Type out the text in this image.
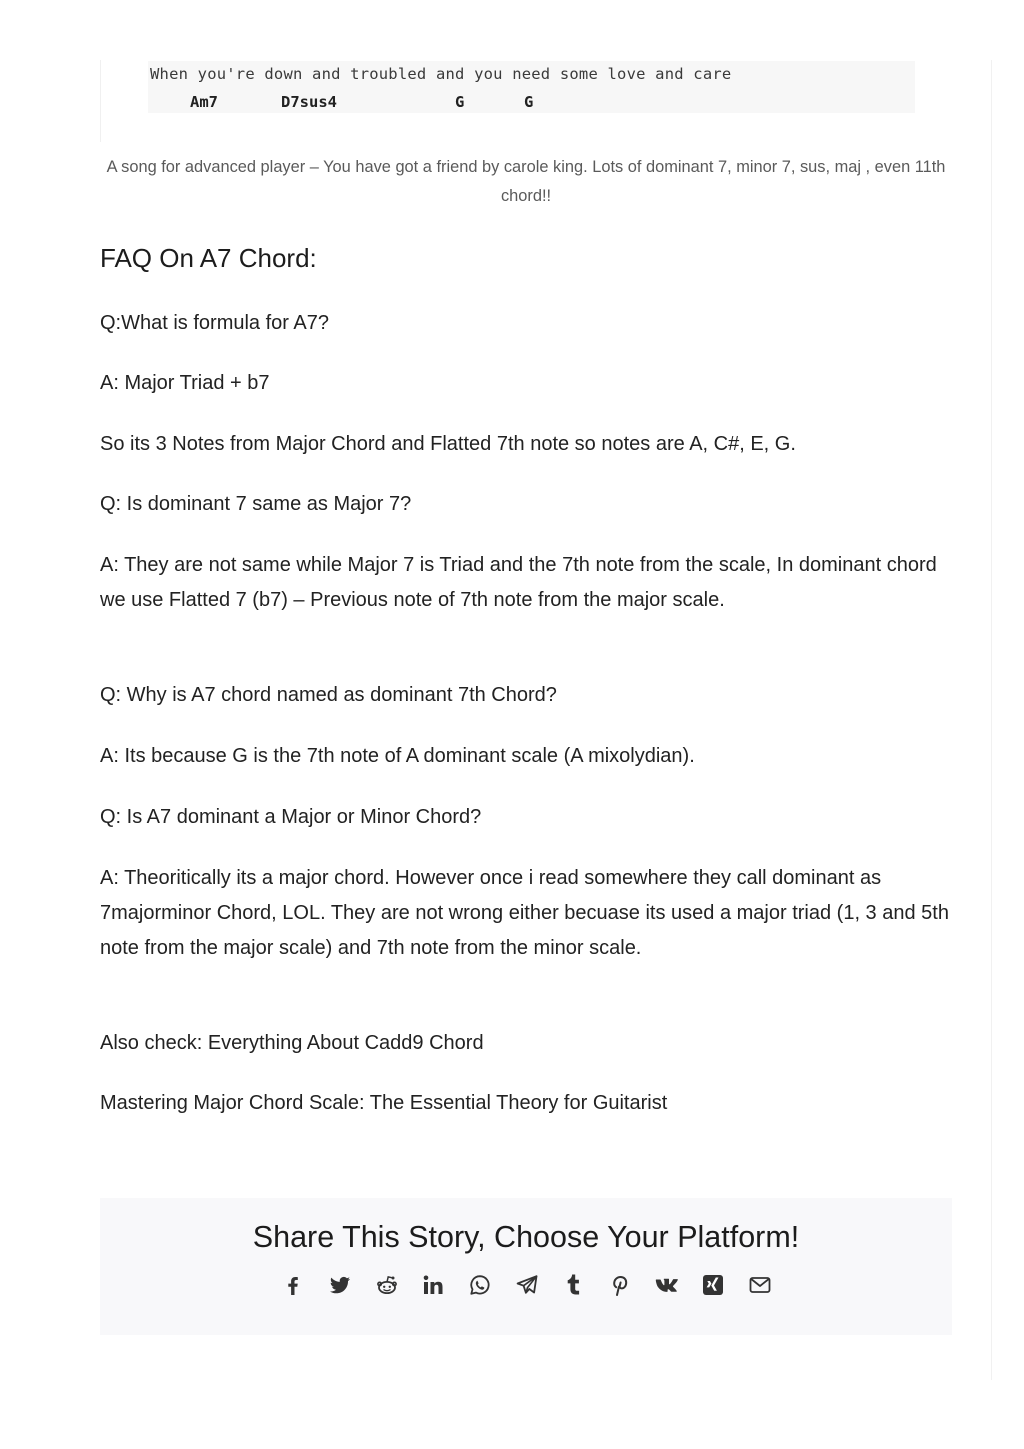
When you're down and troubled and you need some love and care
Am7	D7sus4	G	G
A song for advanced player – You have got a friend by carole king. Lots of dominant 7, minor 7, sus, maj , even 11th chord!!
FAQ On A7 Chord:

Q:What is formula for A7?

A: Major Triad + b7

So its 3 Notes from Major Chord and Flatted 7th note so notes are A, C#, E, G.

Q: Is dominant 7 same as Major 7?

A: They are not same while Major 7 is Triad and the 7th note from the scale, In dominant chord we use Flatted 7 (b7) – Previous note of 7th note from the major scale.

Q: Why is A7 chord named as dominant 7th Chord?

A: Its because G is the 7th note of A dominant scale (A mixolydian).

Q: Is A7 dominant a Major or Minor Chord?

A: Theoritically its a major chord. However once i read somewhere they call dominant as 7majorminor Chord, LOL. They are not wrong either becuase its used a major triad (1, 3 and 5th note from the major scale) and 7th note from the minor scale.

Also check: Everything About Cadd9 Chord

Mastering Major Chord Scale: The Essential Theory for Guitarist

Share This Story, Choose Your Platform!
